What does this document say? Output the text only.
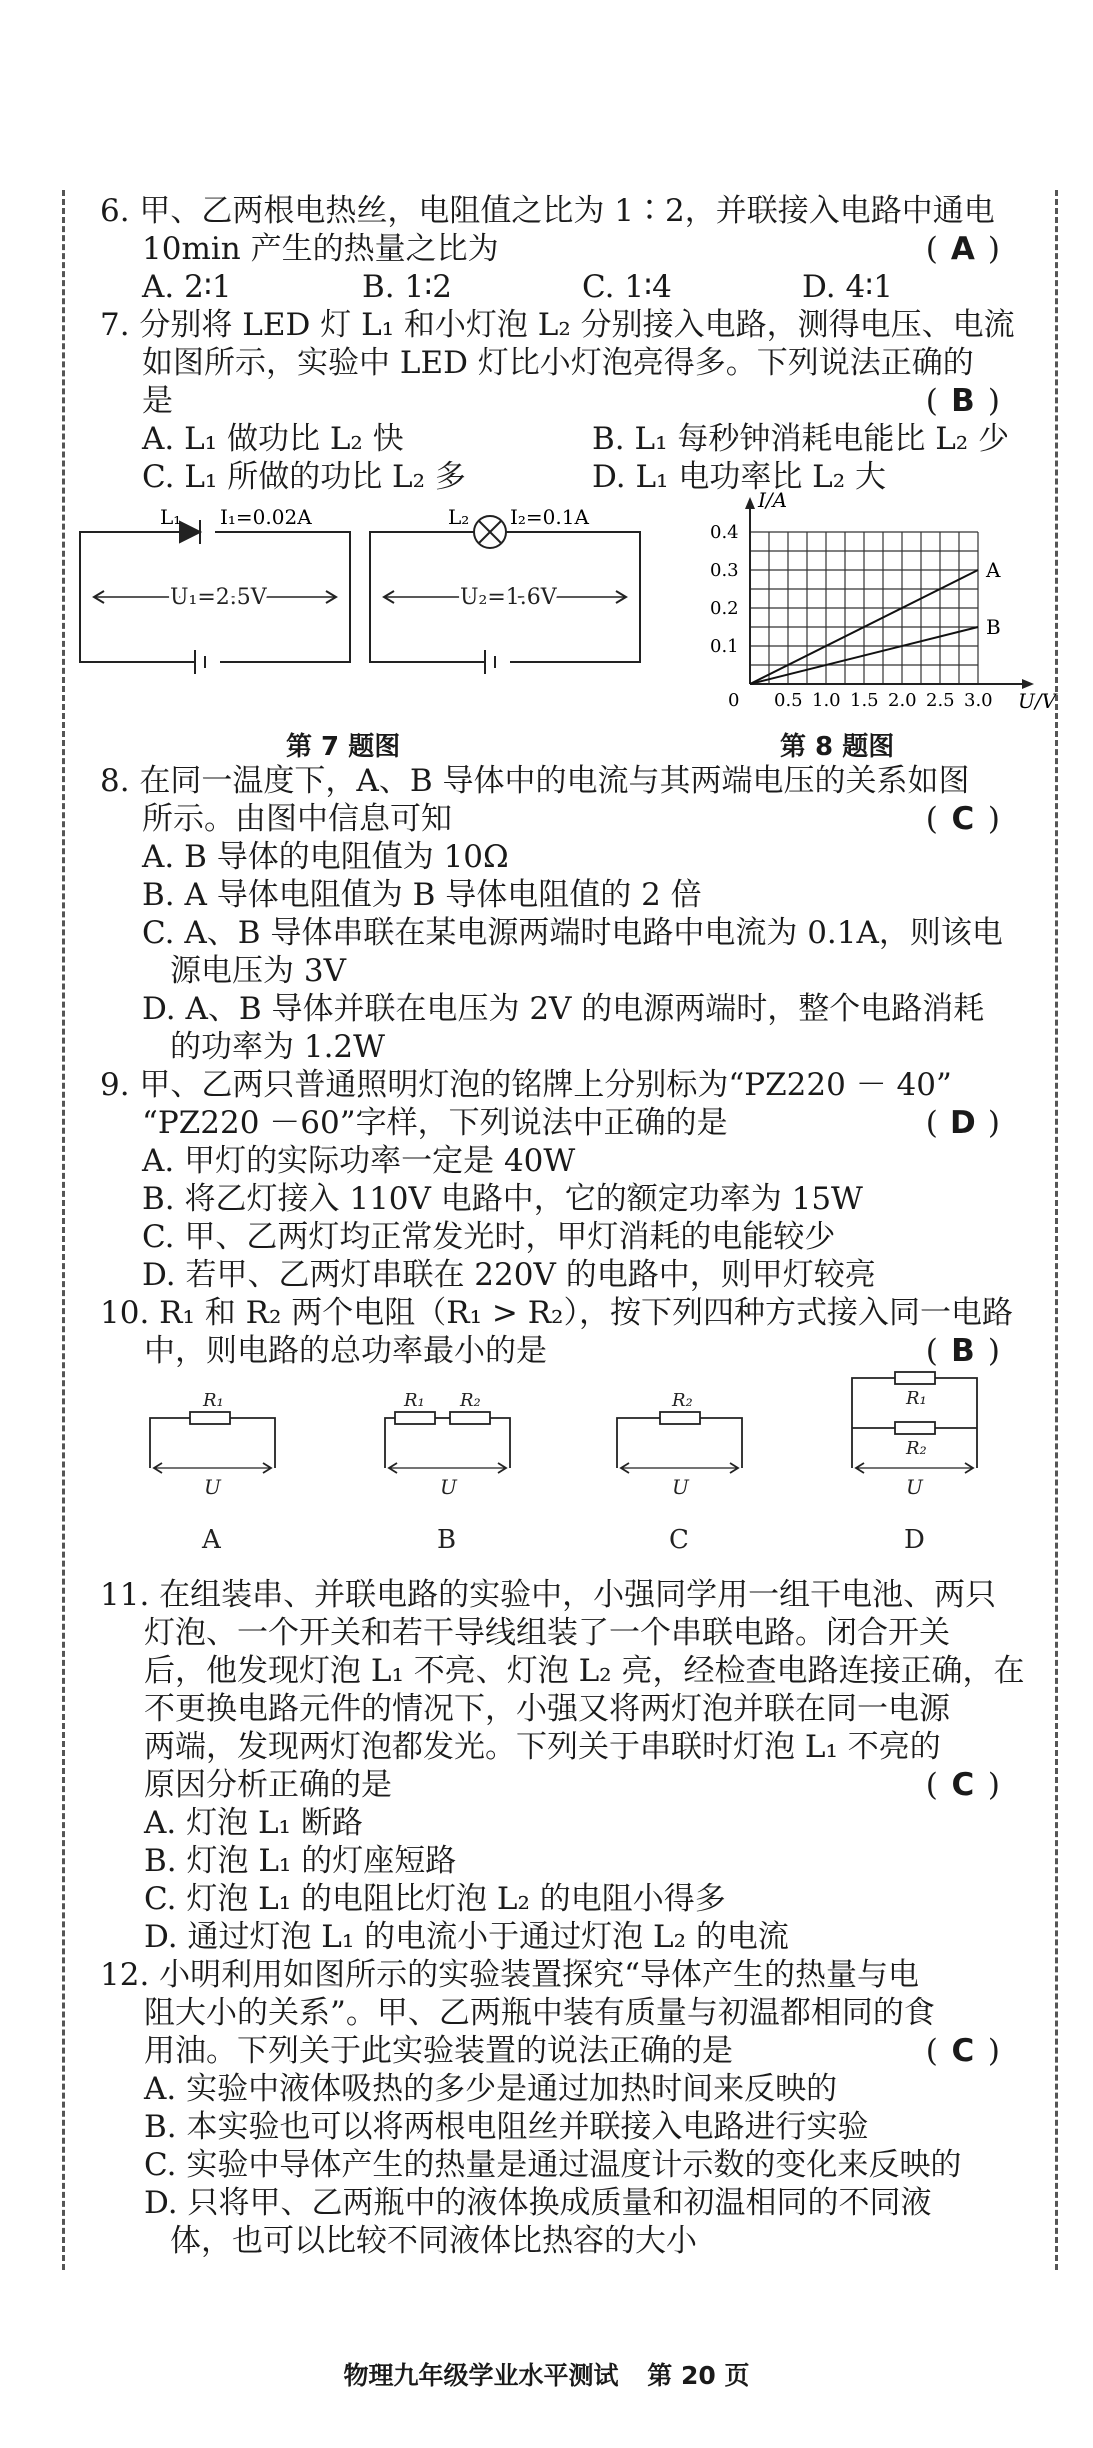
6. 甲、乙两根电热丝，电阻值之比为 1∶2，并联接入电路中通电
10min 产生的热量之比为	( A )
A. 2∶1	B. 1∶2	C. 1∶4	D. 4∶1
7. 分别将 LED 灯 L₁ 和小灯泡 L₂ 分别接入电路，测得电压、电流
如图所示，实验中 LED 灯比小灯泡亮得多。下列说法正确的
是	( B )
A. L₁ 做功比 L₂ 快	B. L₁ 每秒钟消耗电能比 L₂ 少
C. L₁ 所做的功比 L₂ 多	D. L₁ 电功率比 L₂ 大
L₁ I₁=0.02A
U₁=2.5V
L₂ I₂=0.1A
U₂=1.6V
A
B
0 0.5 1.0 1.5 2.0 2.5 3.0
0.1
0.2
0.3
0.4
U/V
I/A
第 7 题图	第 8 题图
8. 在同一温度下，A、B 导体中的电流与其两端电压的关系如图
所示。由图中信息可知	( C )
A. B 导体的电阻值为 10Ω
B. A 导体电阻值为 B 导体电阻值的 2 倍
C. A、B 导体串联在某电源两端时电路中电流为 0.1A，则该电
源电压为 3V
D. A、B 导体并联在电压为 2V 的电源两端时，整个电路消耗
的功率为 1.2W
9. 甲、乙两只普通照明灯泡的铭牌上分别标为“PZ220 － 40”
“PZ220 －60”字样，下列说法中正确的是	( D )
A. 甲灯的实际功率一定是 40W
B. 将乙灯接入 110V 电路中，它的额定功率为 15W
C. 甲、乙两灯均正常发光时，甲灯消耗的电能较少
D. 若甲、乙两灯串联在 220V 的电路中，则甲灯较亮
10. R₁ 和 R₂ 两个电阻（R₁ > R₂），按下列四种方式接入同一电路
中，则电路的总功率最小的是	( B )
R₁	R₁ R₂	R₂	R₁
R₂
U	U	U	U
A	B	C	D
11. 在组装串、并联电路的实验中，小强同学用一组干电池、两只
灯泡、一个开关和若干导线组装了一个串联电路。闭合开关
后，他发现灯泡 L₁ 不亮、灯泡 L₂ 亮，经检查电路连接正确，在
不更换电路元件的情况下，小强又将两灯泡并联在同一电源
两端，发现两灯泡都发光。下列关于串联时灯泡 L₁ 不亮的
原因分析正确的是	( C )
A. 灯泡 L₁ 断路
B. 灯泡 L₁ 的灯座短路
C. 灯泡 L₁ 的电阻比灯泡 L₂ 的电阻小得多
D. 通过灯泡 L₁ 的电流小于通过灯泡 L₂ 的电流
12. 小明利用如图所示的实验装置探究“导体产生的热量与电
阻大小的关系”。甲、乙两瓶中装有质量与初温都相同的食
用油。下列关于此实验装置的说法正确的是	( C )
A. 实验中液体吸热的多少是通过加热时间来反映的
B. 本实验也可以将两根电阻丝并联接入电路进行实验
C. 实验中导体产生的热量是通过温度计示数的变化来反映的
D. 只将甲、乙两瓶中的液体换成质量和初温相同的不同液
体，也可以比较不同液体比热容的大小
物理九年级学业水平测试 第 20 页
